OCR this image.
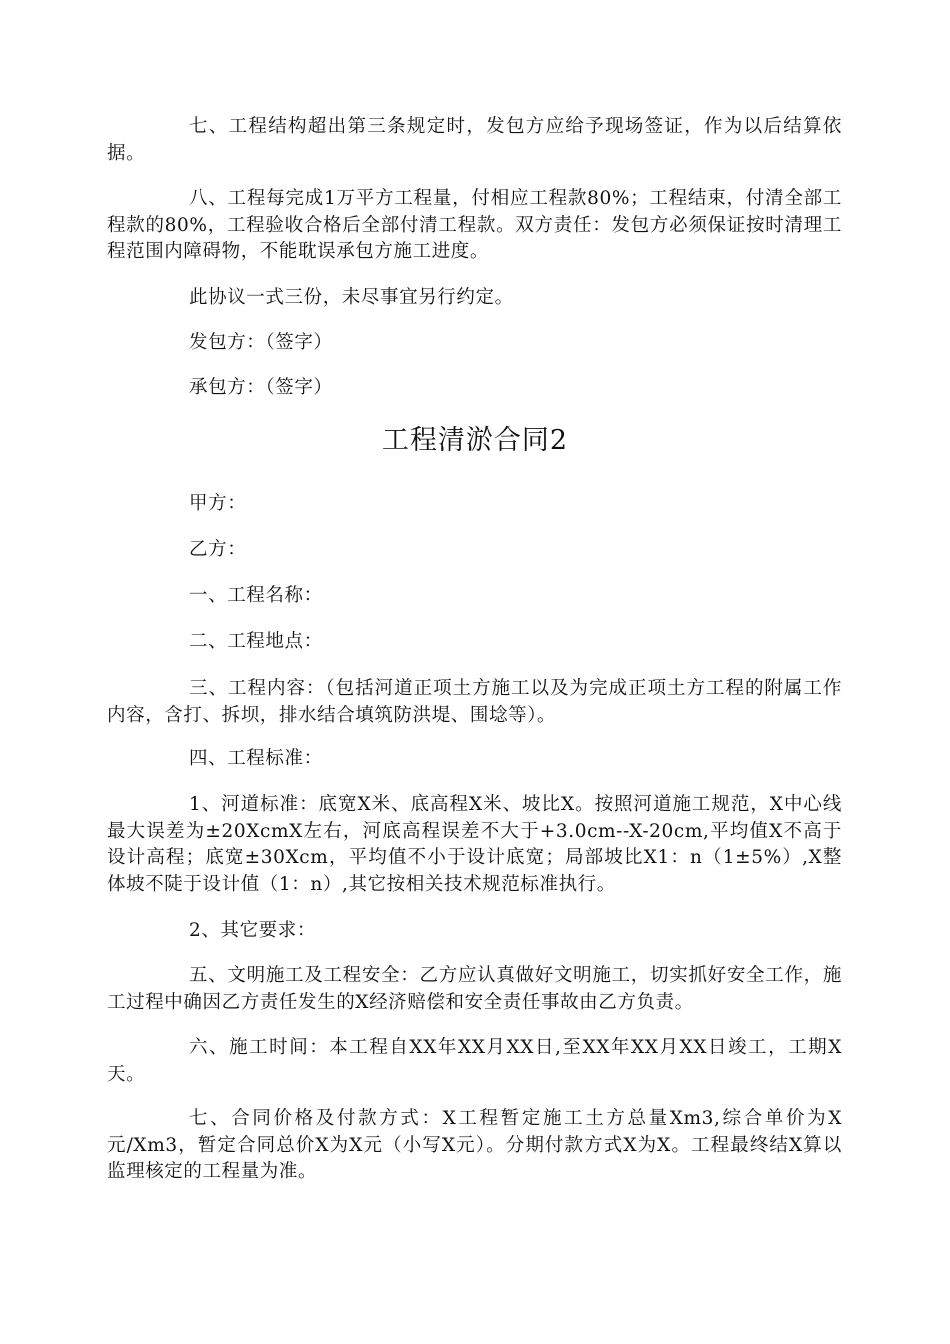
七、工程结构超出第三条规定时，发包方应给予现场签证，作为以后结算依据。

八、工程每完成1万平方工程量，付相应工程款80%；工程结束，付清全部工程款的80%，工程验收合格后全部付清工程款。双方责任：发包方必须保证按时清理工程范围内障碍物，不能耽误承包方施工进度。

此协议一式三份，未尽事宜另行约定。

发包方：（签字）

承包方：（签字）

工程清淤合同2

甲方：

乙方：

一、工程名称：

二、工程地点：

三、工程内容：（包括河道正项土方施工以及为完成正项土方工程的附属工作内容，含打、拆坝，排水结合填筑防洪堤、围埝等）。

四、工程标准：

1、河道标准：底宽X米、底高程X米、坡比X。按照河道施工规范，X中心线最大误差为±20XcmX左右，河底高程误差不大于+3.0cm--X-20cm,平均值X不高于设计高程；底宽±30Xcm，平均值不小于设计底宽；局部坡比X1：n（1±5%）,X整体坡不陡于设计值（1：n）,其它按相关技术规范标准执行。

2、其它要求：

五、文明施工及工程安全：乙方应认真做好文明施工，切实抓好安全工作，施工过程中确因乙方责任发生的X经济赔偿和安全责任事故由乙方负责。

六、施工时间：本工程自XX年XX月XX日,至XX年XX月XX日竣工，工期X天。

七、合同价格及付款方式：X工程暂定施工土方总量Xm3,综合单价为X元/Xm3，暂定合同总价X为X元（小写X元）。分期付款方式X为X。工程最终结X算以监理核定的工程量为准。
